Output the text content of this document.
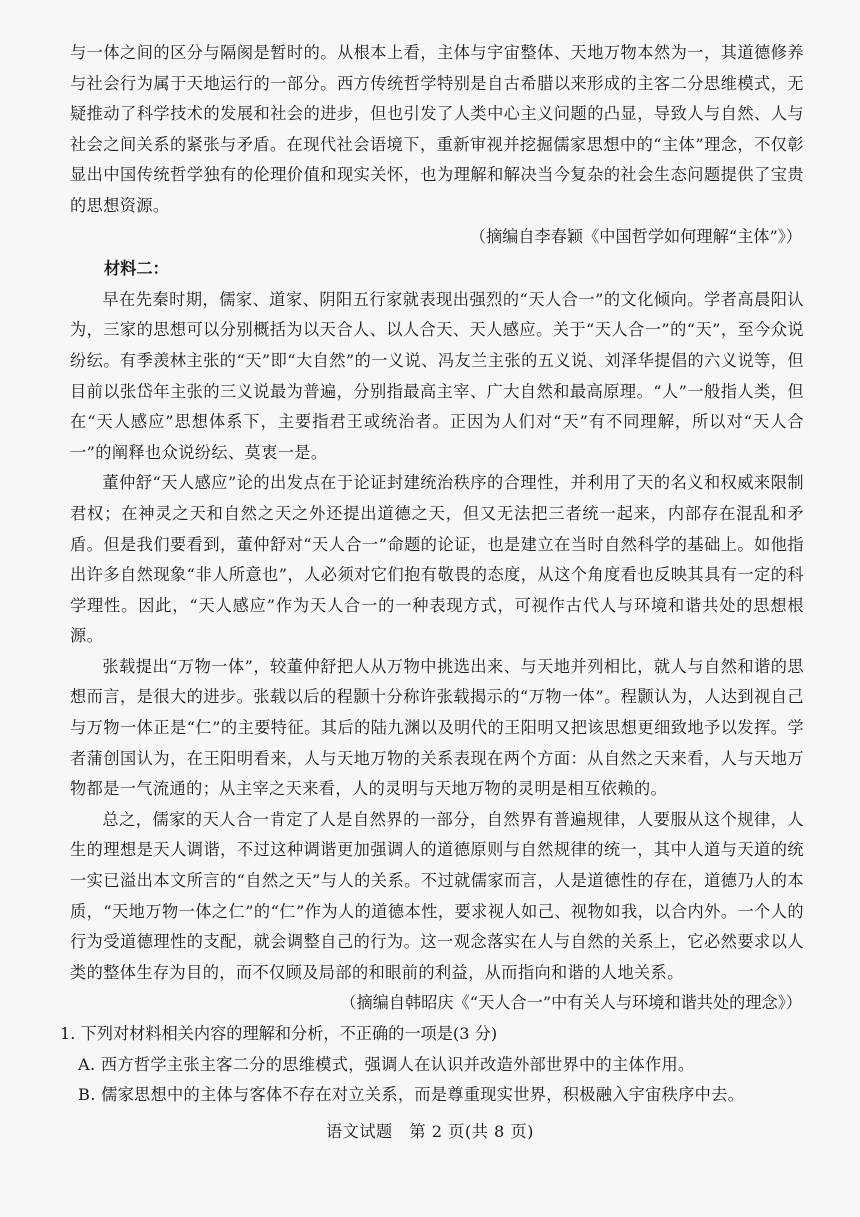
与一体之间的区分与隔阂是暂时的。从根本上看，主体与宇宙整体、天地万物本然为一，其道德修养与社会行为属于天地运行的一部分。西方传统哲学特别是自古希腊以来形成的主客二分思维模式，无疑推动了科学技术的发展和社会的进步，但也引发了人类中心主义问题的凸显，导致人与自然、人与社会之间关系的紧张与矛盾。在现代社会语境下，重新审视并挖掘儒家思想中的“主体”理念，不仅彰显出中国传统哲学独有的伦理价值和现实关怀，也为理解和解决当今复杂的社会生态问题提供了宝贵的思想资源。

（摘编自李春颖《中国哲学如何理解“主体”》）

材料二：

早在先秦时期，儒家、道家、阴阳五行家就表现出强烈的“天人合一”的文化倾向。学者高晨阳认为，三家的思想可以分别概括为以天合人、以人合天、天人感应。关于“天人合一”的“天”，至今众说纷纭。有季羡林主张的“天”即“大自然”的一义说、冯友兰主张的五义说、刘泽华提倡的六义说等，但目前以张岱年主张的三义说最为普遍，分别指最高主宰、广大自然和最高原理。“人”一般指人类，但在“天人感应”思想体系下，主要指君王或统治者。正因为人们对“天”有不同理解，所以对“天人合一”的阐释也众说纷纭、莫衷一是。

董仲舒“天人感应”论的出发点在于论证封建统治秩序的合理性，并利用了天的名义和权威来限制君权；在神灵之天和自然之天之外还提出道德之天，但又无法把三者统一起来，内部存在混乱和矛盾。但是我们要看到，董仲舒对“天人合一”命题的论证，也是建立在当时自然科学的基础上。如他指出许多自然现象“非人所意也”，人必须对它们抱有敬畏的态度，从这个角度看也反映其具有一定的科学理性。因此，“天人感应”作为天人合一的一种表现方式，可视作古代人与环境和谐共处的思想根源。

张载提出“万物一体”，较董仲舒把人从万物中挑选出来、与天地并列相比，就人与自然和谐的思想而言，是很大的进步。张载以后的程颢十分称许张载揭示的“万物一体”。程颢认为，人达到视自己与万物一体正是“仁”的主要特征。其后的陆九渊以及明代的王阳明又把该思想更细致地予以发挥。学者蒲创国认为，在王阳明看来，人与天地万物的关系表现在两个方面：从自然之天来看，人与天地万物都是一气流通的；从主宰之天来看，人的灵明与天地万物的灵明是相互依赖的。

总之，儒家的天人合一肯定了人是自然界的一部分，自然界有普遍规律，人要服从这个规律，人生的理想是天人调谐，不过这种调谐更加强调人的道德原则与自然规律的统一，其中人道与天道的统一实已溢出本文所言的“自然之天”与人的关系。不过就儒家而言，人是道德性的存在，道德乃人的本质，“天地万物一体之仁”的“仁”作为人的道德本性，要求视人如己、视物如我，以合内外。一个人的行为受道德理性的支配，就会调整自己的行为。这一观念落实在人与自然的关系上，它必然要求以人类的整体生存为目的，而不仅顾及局部的和眼前的利益，从而指向和谐的人地关系。

（摘编自韩昭庆《“天人合一”中有关人与环境和谐共处的理念》）

1. 下列对材料相关内容的理解和分析，不正确的一项是(3 分)

A. 西方哲学主张主客二分的思维模式，强调人在认识并改造外部世界中的主体作用。

B. 儒家思想中的主体与客体不存在对立关系，而是尊重现实世界，积极融入宇宙秩序中去。

语文试题　第 2 页(共 8 页)
